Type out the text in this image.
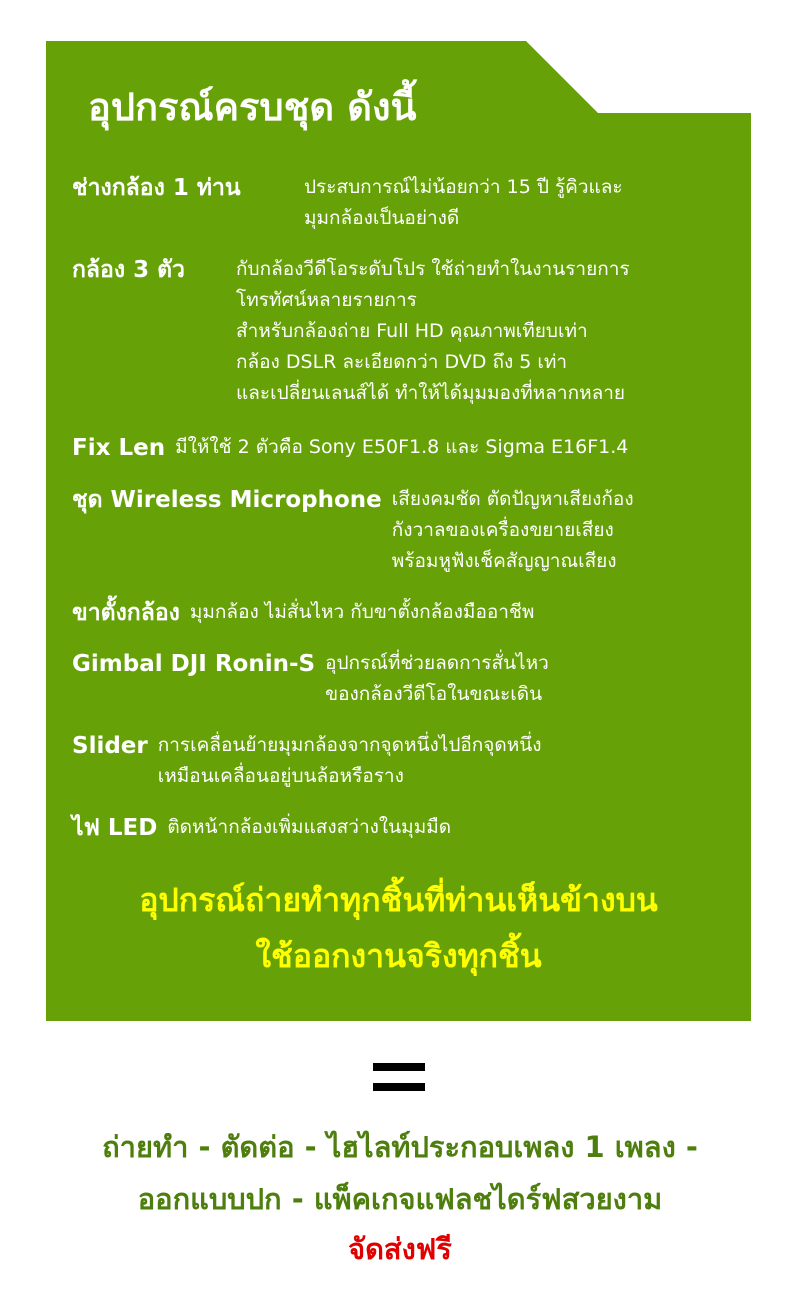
อุปกรณ์ครบชุด ดังนี้
ช่างกล้อง 1 ท่าน	ประสบการณ์ไม่น้อยกว่า 15 ปี รู้คิวและ
มุมกล้องเป็นอย่างดี
กล้อง 3 ตัว	กับกล้องวีดีโอระดับโปร ใช้ถ่ายทำในงานรายการ
โทรทัศน์หลายรายการ
สำหรับกล้องถ่าย Full HD คุณภาพเทียบเท่า
กล้อง DSLR ละเอียดกว่า DVD ถึง 5 เท่า
และเปลี่ยนเลนส์ได้ ทำให้ได้มุมมองที่หลากหลาย
Fix Len มีให้ใช้ 2 ตัวคือ Sony E50F1.8 และ Sigma E16F1.4
ชุด Wireless Microphone เสียงคมชัด ตัดปัญหาเสียงก้อง
กังวาลของเครื่องขยายเสียง
พร้อมหูฟังเช็คสัญญาณเสียง
ขาตั้งกล้อง มุมกล้อง ไม่สั่นไหว กับขาตั้งกล้องมืออาชีพ
Gimbal DJI Ronin-S อุปกรณ์ที่ช่วยลดการสั่นไหว
ของกล้องวีดีโอในขณะเดิน
Slider การเคลื่อนย้ายมุมกล้องจากจุดหนึ่งไปอีกจุดหนึ่ง
เหมือนเคลื่อนอยู่บนล้อหรือราง
ไฟ LED ติดหน้ากล้องเพิ่มแสงสว่างในมุมมืด
อุปกรณ์ถ่ายทำทุกชิ้นที่ท่านเห็นข้างบน
ใช้ออกงานจริงทุกชิ้น
ถ่ายทำ - ตัดต่อ - ไฮไลท์ประกอบเพลง 1 เพลง -
ออกแบบปก - แพ็คเกจแฟลชไดร์ฟสวยงาม
จัดส่งฟรี
